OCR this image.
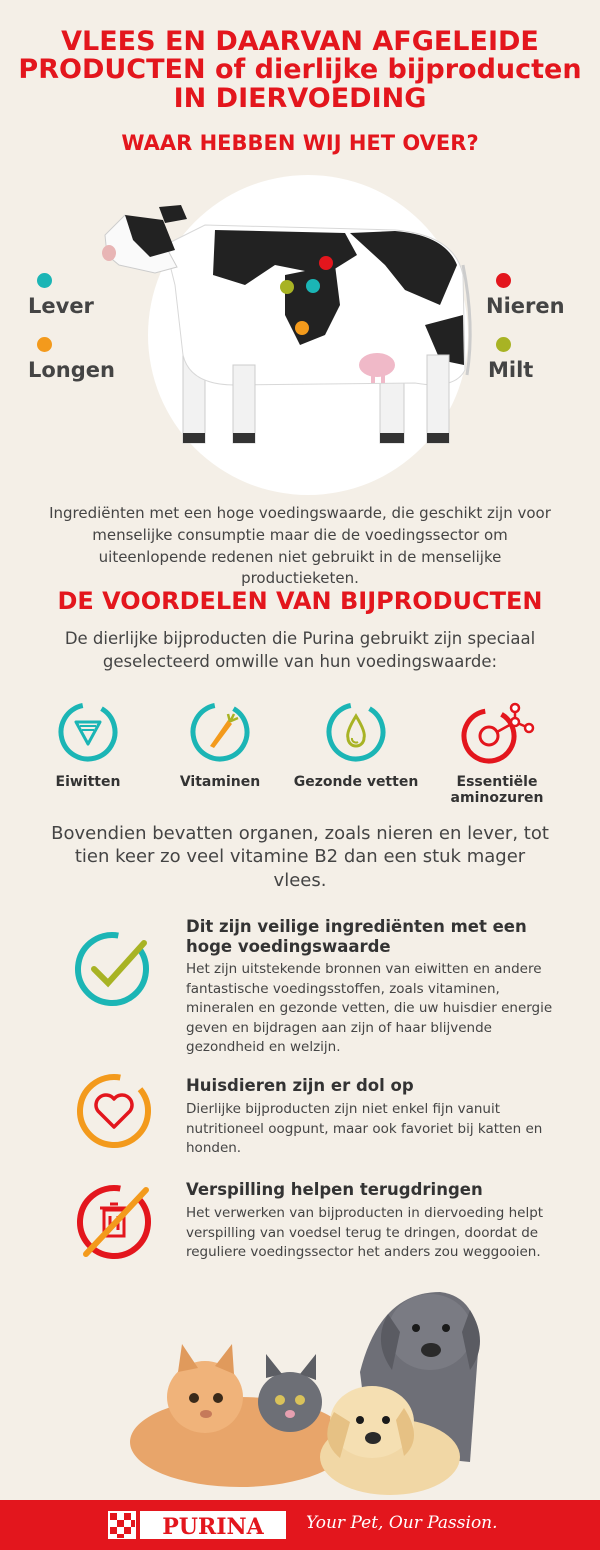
VLEES EN DAARVAN AFGELEIDE
PRODUCTEN of dierlijke bijproducten
IN DIERVOEDING
WAAR HEBBEN WIJ HET OVER?
Lever
Longen
Nieren
Milt
Ingrediënten met een hoge voedingswaarde, die geschikt zijn voor menselijke consumptie maar die de voedingssector om uiteenlopende redenen niet gebruikt in de menselijke productieketen.
DE VOORDELEN VAN BIJPRODUCTEN
De dierlijke bijproducten die Purina gebruikt zijn speciaal geselecteerd omwille van hun voedingswaarde:
Eiwitten	Vitaminen	Gezonde vetten	Essentiële aminozuren
Bovendien bevatten organen, zoals nieren en lever, tot tien keer zo veel vitamine B2 dan een stuk mager vlees.
Dit zijn veilige ingrediënten met een hoge voedingswaarde
Het zijn uitstekende bronnen van eiwitten en andere fantastische voedingsstoffen, zoals vitaminen, mineralen en gezonde vetten, die uw huisdier energie geven en bijdragen aan zijn of haar blijvende gezondheid en welzijn.
Huisdieren zijn er dol op
Dierlijke bijproducten zijn niet enkel fijn vanuit nutritioneel oogpunt, maar ook favoriet bij katten en honden.
Verspilling helpen terugdringen
Het verwerken van bijproducten in diervoeding helpt verspilling van voedsel terug te dringen, doordat de reguliere voedingssector het anders zou weggooien.
PURINA Your Pet, Our Passion.
